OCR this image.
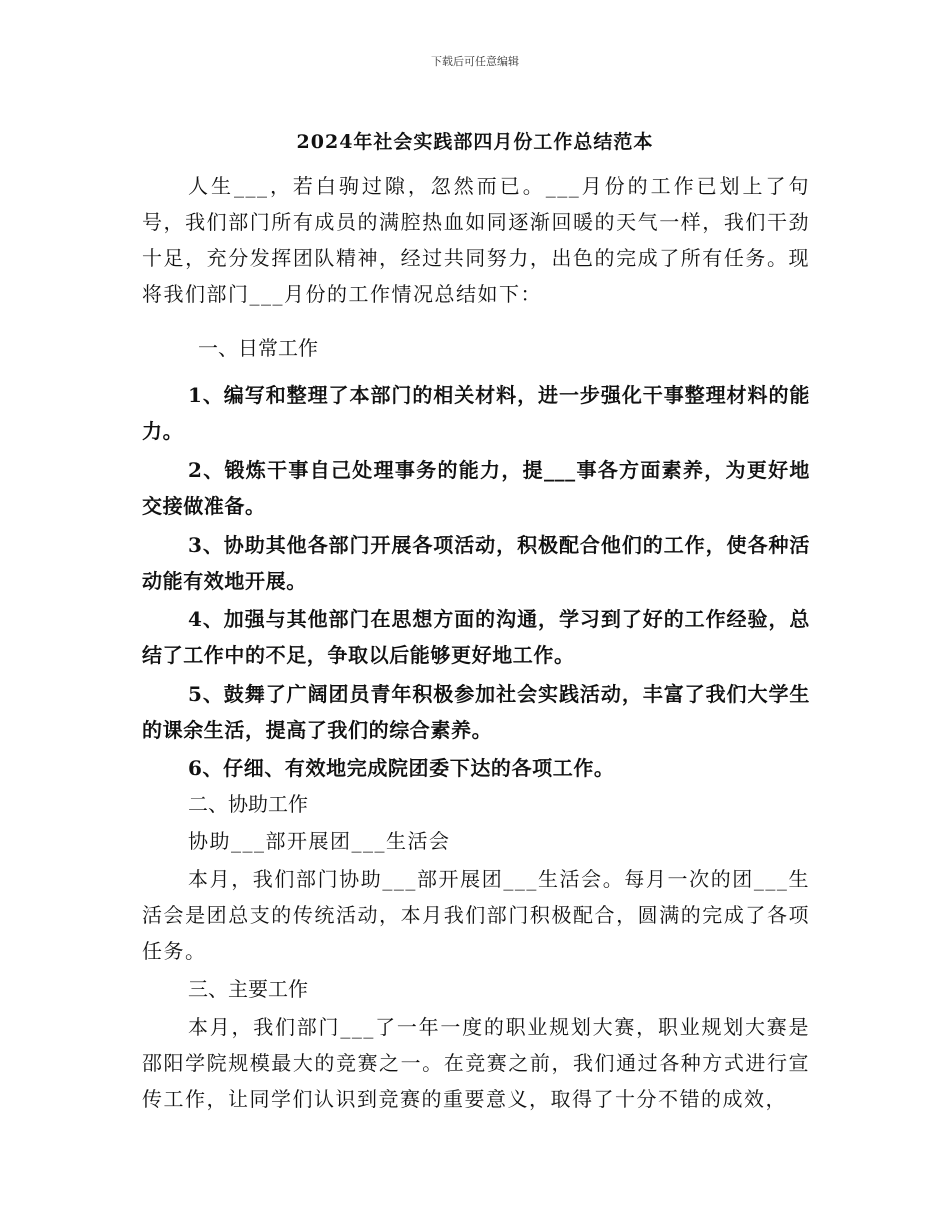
下载后可任意编辑
2024年社会实践部四月份工作总结范本
人生___，若白驹过隙，忽然而已。___月份的工作已划上了句号，我们部门所有成员的满腔热血如同逐渐回暖的天气一样，我们干劲十足，充分发挥团队精神，经过共同努力，出色的完成了所有任务。现将我们部门___月份的工作情况总结如下：
一、日常工作
1、编写和整理了本部门的相关材料，进一步强化干事整理材料的能力。
2、锻炼干事自己处理事务的能力，提___事各方面素养，为更好地交接做准备。
3、协助其他各部门开展各项活动，积极配合他们的工作，使各种活动能有效地开展。
4、加强与其他部门在思想方面的沟通，学习到了好的工作经验，总结了工作中的不足，争取以后能够更好地工作。
5、鼓舞了广阔团员青年积极参加社会实践活动，丰富了我们大学生的课余生活，提高了我们的综合素养。
6、仔细、有效地完成院团委下达的各项工作。
二、协助工作
协助___部开展团___生活会
本月，我们部门协助___部开展团___生活会。每月一次的团___生活会是团总支的传统活动，本月我们部门积极配合，圆满的完成了各项任务。
三、主要工作
本月，我们部门___了一年一度的职业规划大赛，职业规划大赛是邵阳学院规模最大的竞赛之一。在竞赛之前，我们通过各种方式进行宣传工作，让同学们认识到竞赛的重要意义，取得了十分不错的成效，
